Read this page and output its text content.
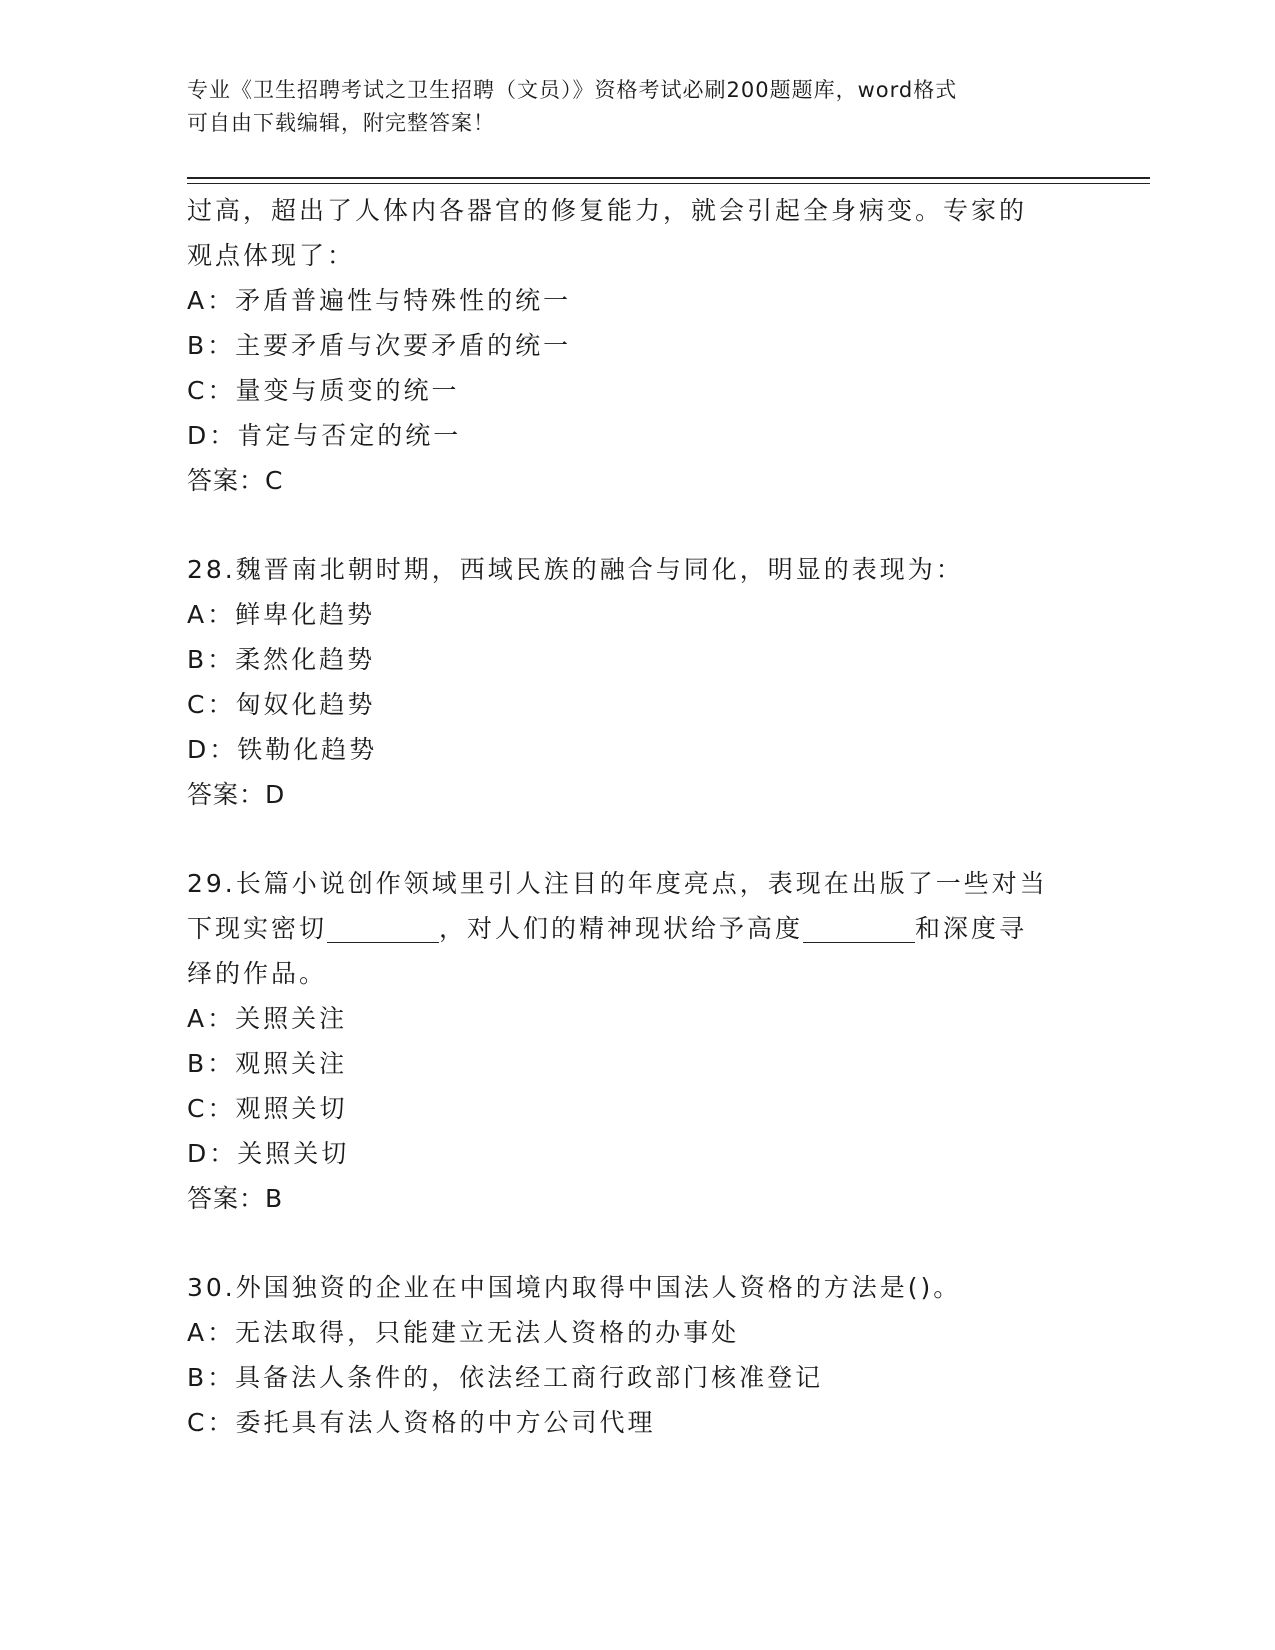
专业《卫生招聘考试之卫生招聘（文员）》资格考试必刷200题题库，word格式
可自由下载编辑，附完整答案！
过高，超出了人体内各器官的修复能力，就会引起全身病变。专家的
观点体现了：
A：矛盾普遍性与特殊性的统一
B：主要矛盾与次要矛盾的统一
C：量变与质变的统一
D：肯定与否定的统一
答案：C
28.魏晋南北朝时期，西域民族的融合与同化，明显的表现为：
A：鲜卑化趋势
B：柔然化趋势
C：匈奴化趋势
D：铁勒化趋势
答案：D
29.长篇小说创作领域里引人注目的年度亮点，表现在出版了一些对当
下现实密切	，对人们的精神现状给予高度	和深度寻
绎的作品。
A：关照关注
B：观照关注
C：观照关切
D：关照关切
答案：B
30.外国独资的企业在中国境内取得中国法人资格的方法是()。
A：无法取得，只能建立无法人资格的办事处
B：具备法人条件的，依法经工商行政部门核准登记
C：委托具有法人资格的中方公司代理
